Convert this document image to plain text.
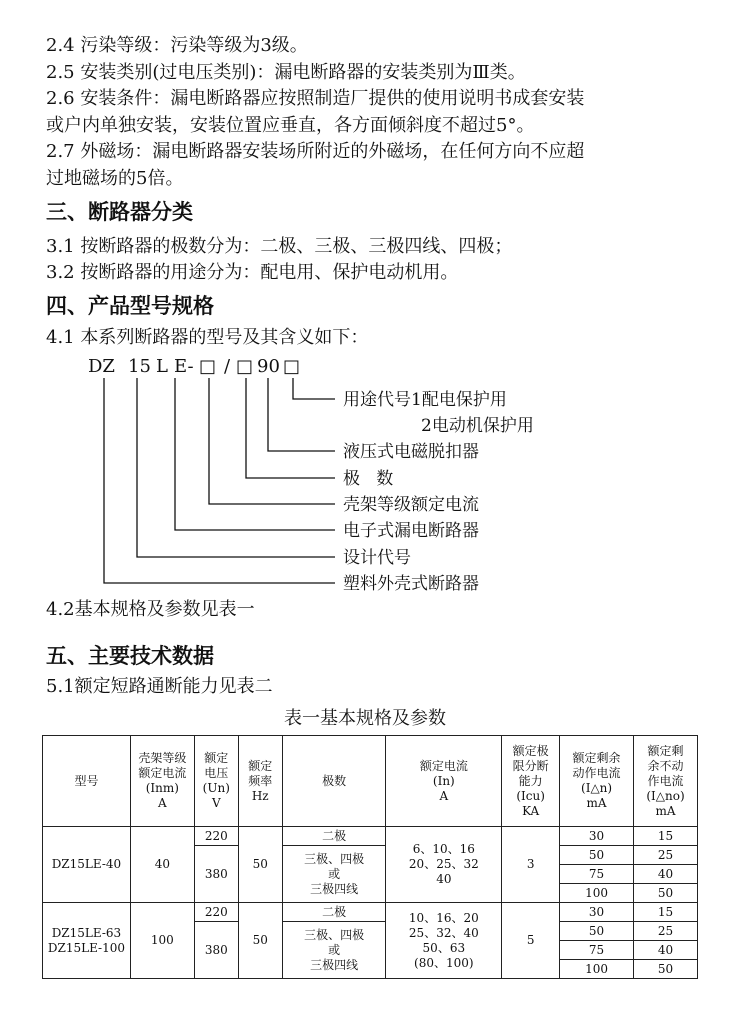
2.4 污染等级：污染等级为3级。
2.5 安装类别(过电压类别)：漏电断路器的安装类别为Ⅲ类。
2.6 安装条件：漏电断路器应按照制造厂提供的使用说明书成套安装
或户内单独安装，安装位置应垂直，各方面倾斜度不超过5°。
2.7 外磁场：漏电断路器安装场所附近的外磁场，在任何方向不应超
过地磁场的5倍。
三、断路器分类
3.1 按断路器的极数分为：二极、三极、三极四线、四极；
3.2 按断路器的用途分为：配电用、保护电动机用。
四、产品型号规格
4.1 本系列断路器的型号及其含义如下：
DZ 15 L E- □ / □ 90 □
用途代号1配电保护用
2电动机保护用
液压式电磁脱扣器
极   数
壳架等级额定电流
电子式漏电断路器
设计代号
塑料外壳式断路器
4.2基本规格及参数见表一
五、主要技术数据
5.1额定短路通断能力见表二
表一基本规格及参数
型号	壳架等级
额定电流
(Inm)
A	额定
电压
(Un)
V	额定
频率
Hz	极数	额定电流
(In)
A	额定极
限分断
能力
(Icu)
KA	额定剩余
动作电流
(I△n)
mA	额定剩
余不动
作电流
(I△no)
mA
DZ15LE-40	40	220	50	二极	6、10、16
20、25、32
40	3	30	15
		380		三极、四极
或
三极四线			50	25
							75	40
							100	50
DZ15LE-63
DZ15LE-100	100	220	50	二极	10、16、20
25、32、40
50、63
(80、100)	5	30	15
		380		三极、四极
或
三极四线			50	25
							75	40
							100	50
